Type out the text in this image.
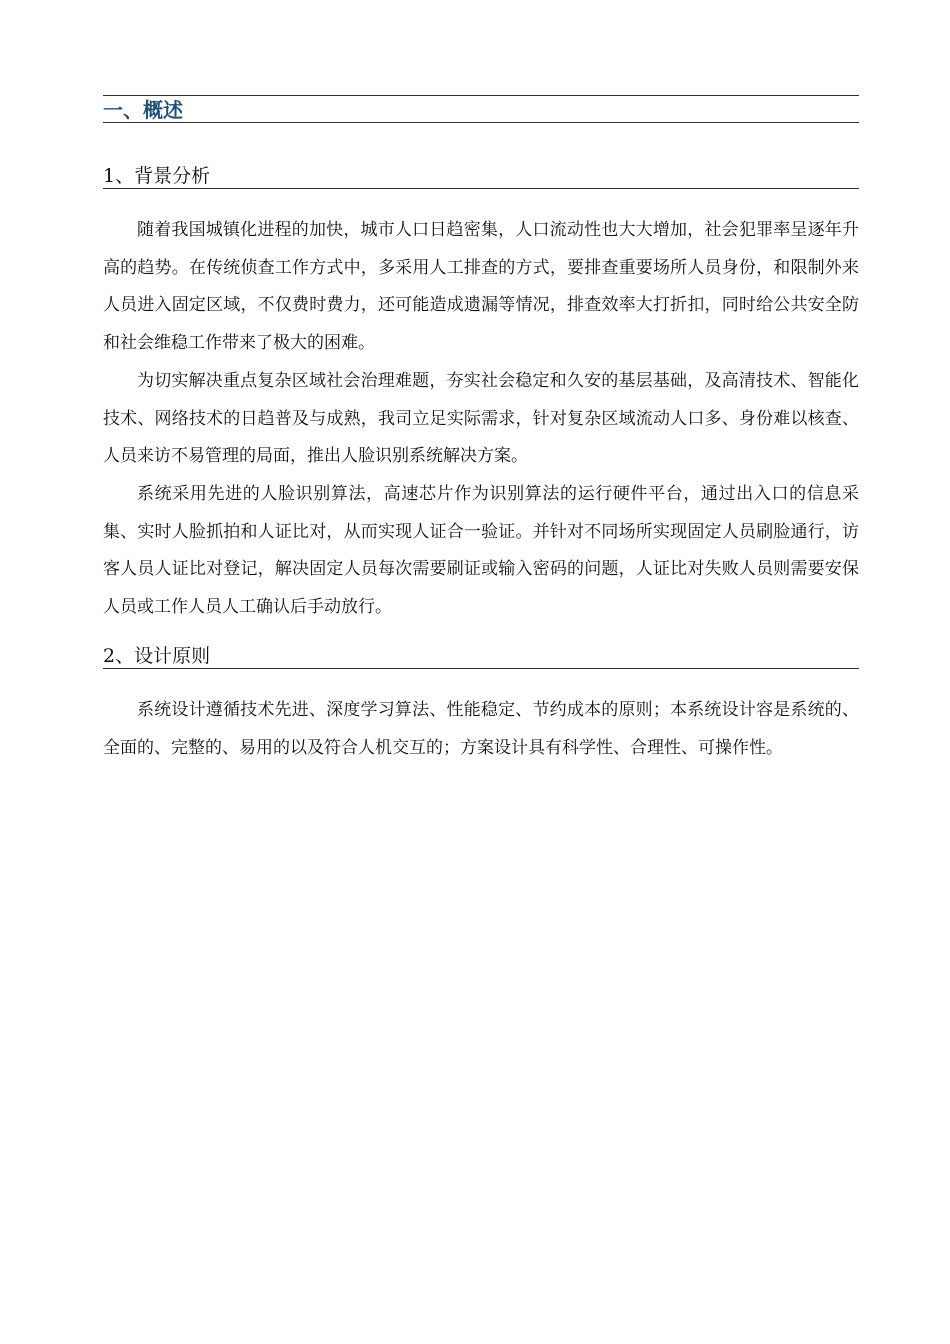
一、概述
1、背景分析

随着我国城镇化进程的加快，城市人口日趋密集，人口流动性也大大增加，社会犯罪率呈逐年升高的趋势。在传统侦查工作方式中，多采用人工排查的方式，要排查重要场所人员身份，和限制外来人员进入固定区域，不仅费时费力，还可能造成遗漏等情况，排查效率大打折扣，同时给公共安全防和社会维稳工作带来了极大的困难。

为切实解决重点复杂区域社会治理难题，夯实社会稳定和久安的基层基础，及高清技术、智能化技术、网络技术的日趋普及与成熟，我司立足实际需求，针对复杂区域流动人口多、身份难以核查、人员来访不易管理的局面，推出人脸识别系统解决方案。

系统采用先进的人脸识别算法，高速芯片作为识别算法的运行硬件平台，通过出入口的信息采集、实时人脸抓拍和人证比对，从而实现人证合一验证。并针对不同场所实现固定人员刷脸通行，访客人员人证比对登记，解决固定人员每次需要刷证或输入密码的问题，人证比对失败人员则需要安保人员或工作人员人工确认后手动放行。

2、设计原则

系统设计遵循技术先进、深度学习算法、性能稳定、节约成本的原则；本系统设计容是系统的、全面的、完整的、易用的以及符合人机交互的；方案设计具有科学性、合理性、可操作性。
